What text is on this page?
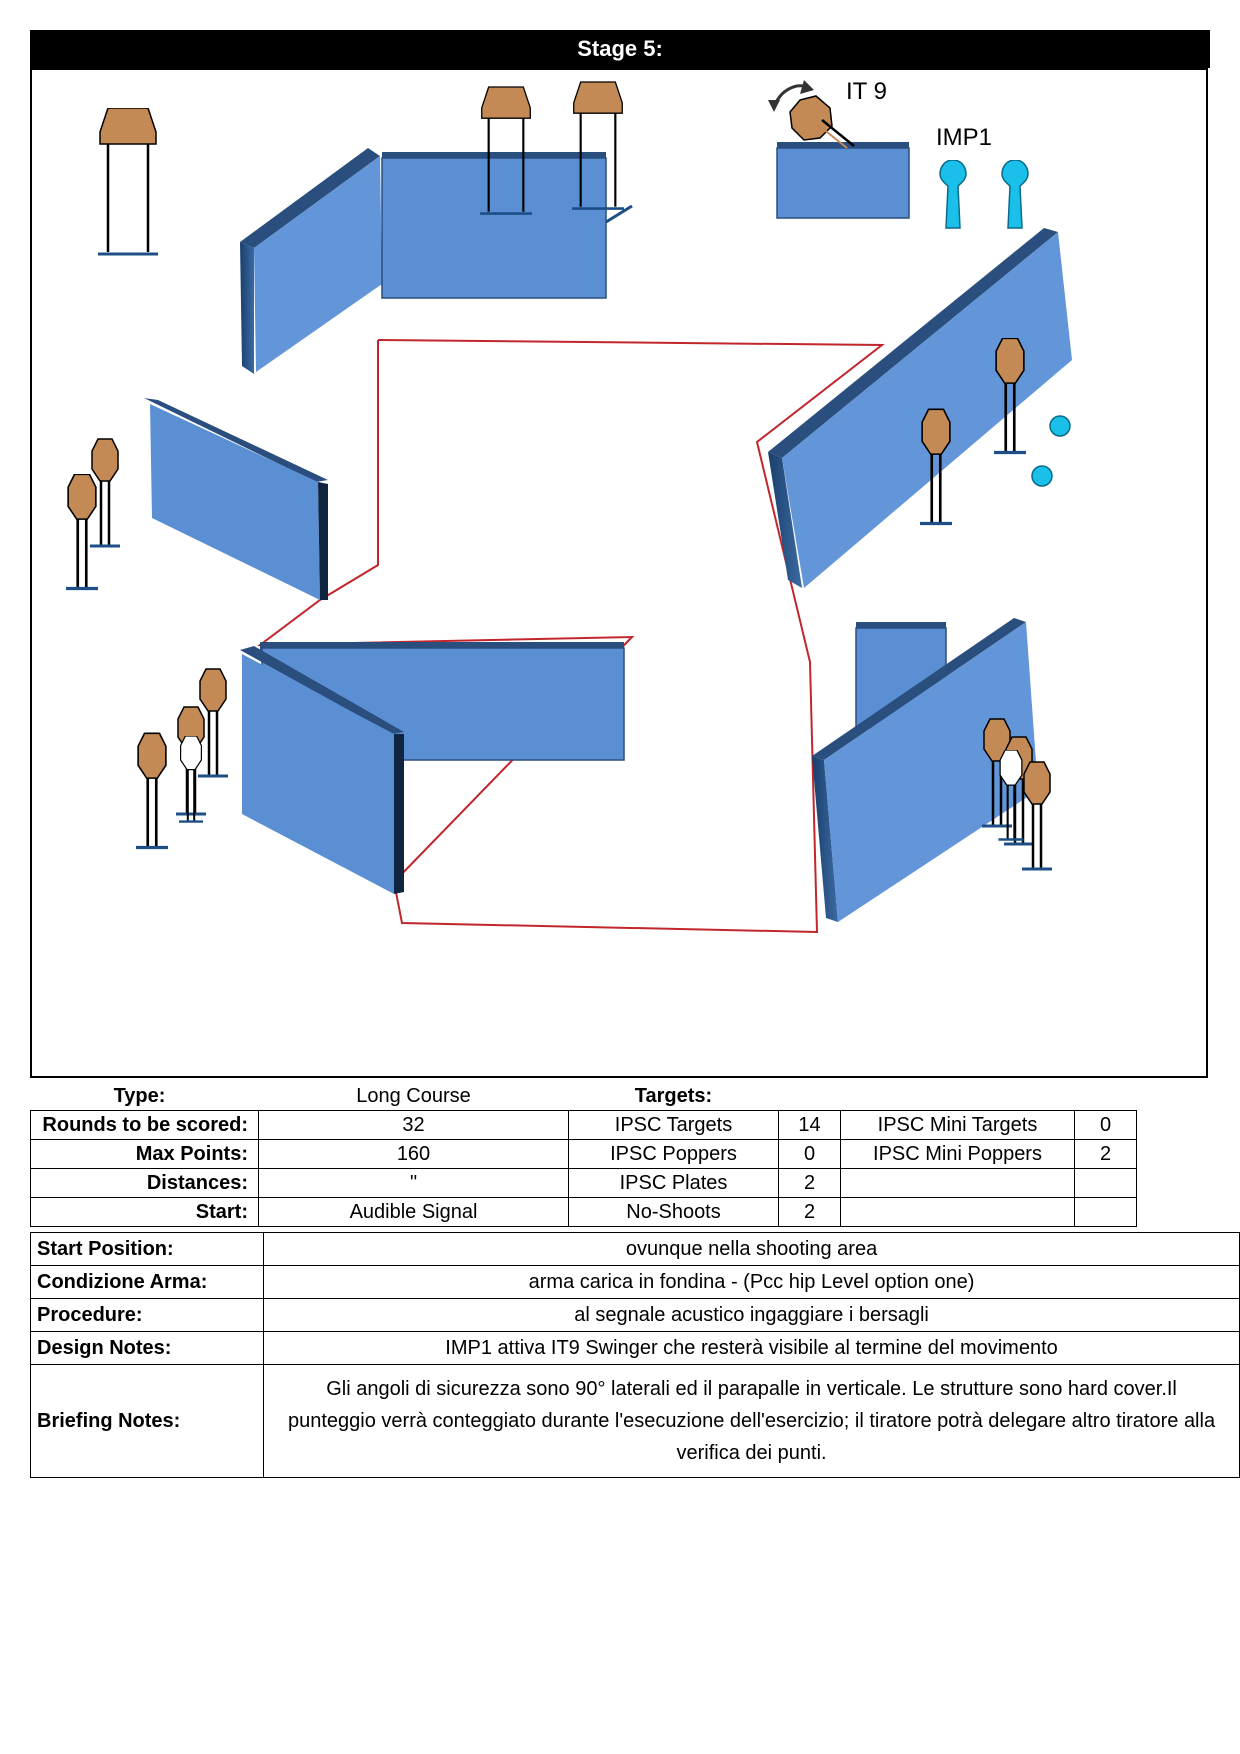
Stage 5:
IT 9
IMP1
Type:	Long Course	Targets:			
Rounds to be scored:	32	IPSC Targets	14	IPSC Mini Targets	0
Max Points:	160	IPSC Poppers	0	IPSC Mini Poppers	2
Distances:	"	IPSC Plates	2		
Start:	Audible Signal	No-Shoots	2		
Start Position:	ovunque nella shooting area
Condizione Arma:	arma carica in fondina - (Pcc hip Level option one)
Procedure:	al segnale acustico ingaggiare i bersagli
Design Notes:	IMP1 attiva IT9 Swinger che resterà visibile al termine del movimento
Briefing Notes:	Gli angoli di sicurezza sono 90° laterali ed il parapalle in verticale. Le strutture sono hard cover.Il punteggio verrà conteggiato durante l'esecuzione dell'esercizio; il tiratore potrà delegare altro tiratore alla verifica dei punti.
